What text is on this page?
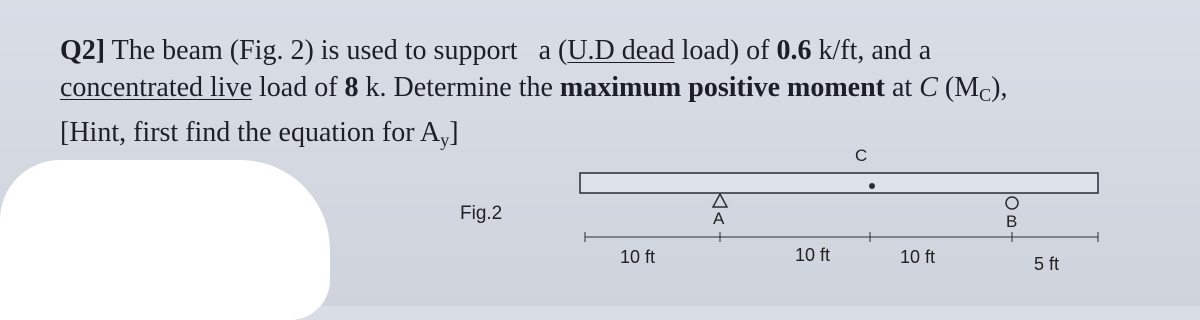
Q2] The beam (Fig. 2) is used to support a (U.D dead load) of 0.6 k/ft, and a
concentrated live load of 8 k. Determine the maximum positive moment at C $(M_C)$,
[Hint, first find the equation for $A_y$]
Fig.2
C
A	B
10 ft	10 ft	10 ft	5 ft
